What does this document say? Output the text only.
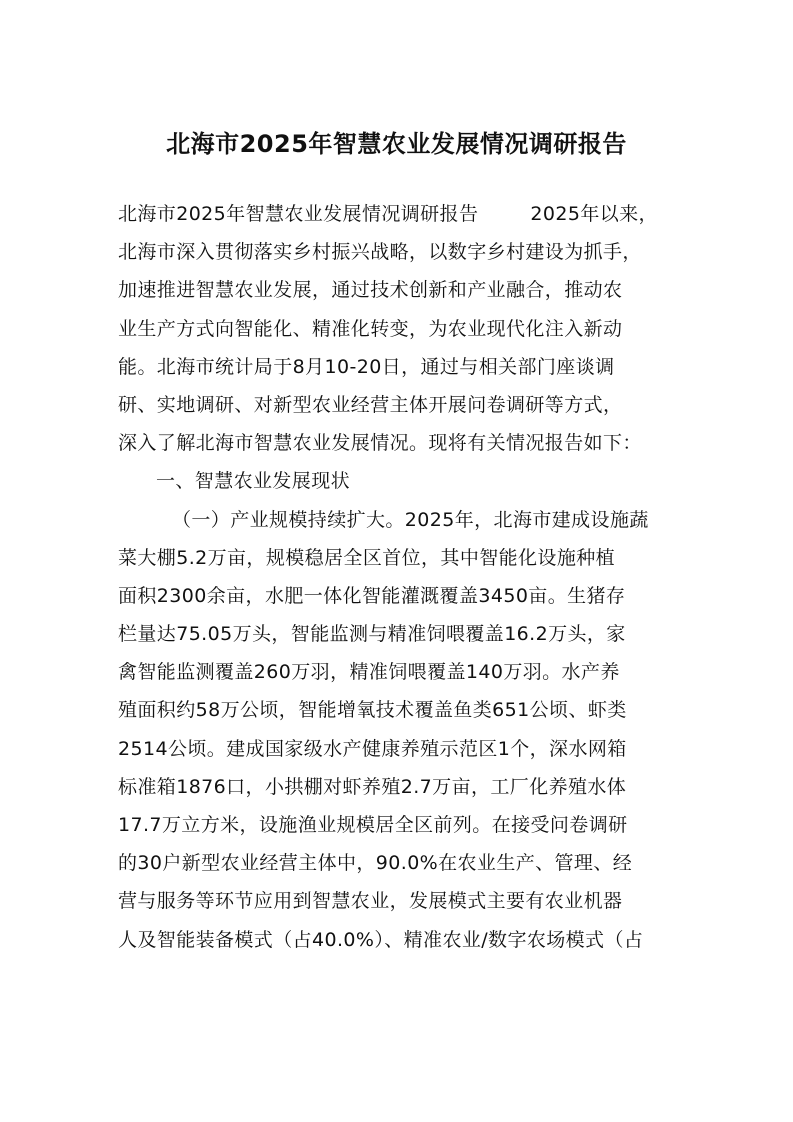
北海市2025年智慧农业发展情况调研报告
北海市2025年智慧农业发展情况调研报告	2025年以来，
北海市深入贯彻落实乡村振兴战略，以数字乡村建设为抓手，
加速推进智慧农业发展，通过技术创新和产业融合，推动农
业生产方式向智能化、精准化转变，为农业现代化注入新动
能。北海市统计局于8月10-20日，通过与相关部门座谈调
研、实地调研、对新型农业经营主体开展问卷调研等方式，
深入了解北海市智慧农业发展情况。现将有关情况报告如下：
一、智慧农业发展现状
（一）产业规模持续扩大。2025年，北海市建成设施蔬
菜大棚5.2万亩，规模稳居全区首位，其中智能化设施种植
面积2300余亩，水肥一体化智能灌溉覆盖3450亩。生猪存
栏量达75.05万头，智能监测与精准饲喂覆盖16.2万头，家
禽智能监测覆盖260万羽，精准饲喂覆盖140万羽。水产养
殖面积约58万公顷，智能增氧技术覆盖鱼类651公顷、虾类
2514公顷。建成国家级水产健康养殖示范区1个，深水网箱
标准箱1876口，小拱棚对虾养殖2.7万亩，工厂化养殖水体
17.7万立方米，设施渔业规模居全区前列。在接受问卷调研
的30户新型农业经营主体中，90.0%在农业生产、管理、经
营与服务等环节应用到智慧农业，发展模式主要有农业机器
人及智能装备模式（占40.0%）、精准农业/数字农场模式（占
